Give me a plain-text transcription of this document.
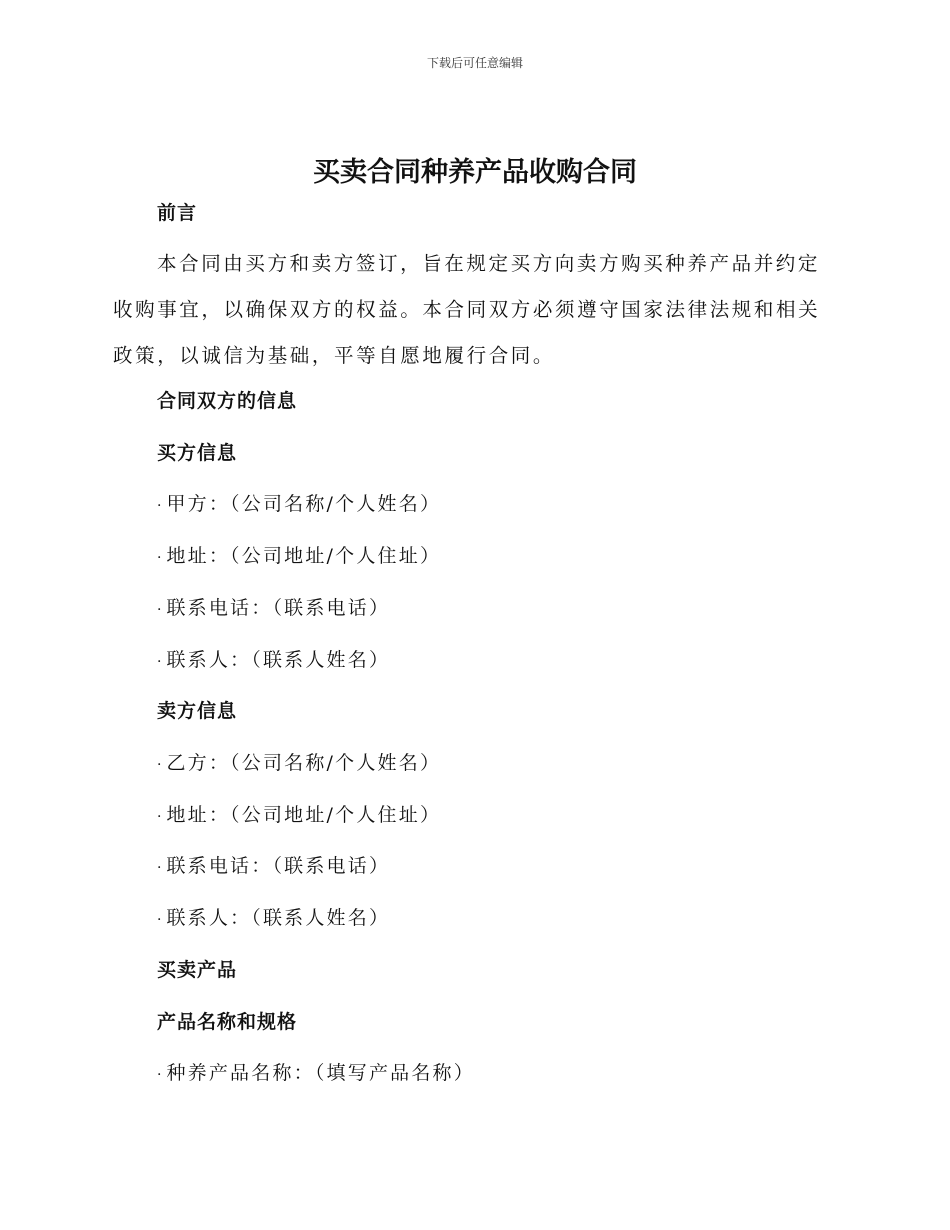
下载后可任意编辑
买卖合同种养产品收购合同
前言

本合同由买方和卖方签订，旨在规定买方向卖方购买种养产品并约定收购事宜，以确保双方的权益。本合同双方必须遵守国家法律法规和相关政策，以诚信为基础，平等自愿地履行合同。

合同双方的信息
买方信息

· 甲方：（公司名称/个人姓名）

· 地址：（公司地址/个人住址）

· 联系电话：（联系电话）

· 联系人：（联系人姓名）

卖方信息

· 乙方：（公司名称/个人姓名）

· 地址：（公司地址/个人住址）

· 联系电话：（联系电话）

· 联系人：（联系人姓名）

买卖产品
产品名称和规格

· 种养产品名称：（填写产品名称）
